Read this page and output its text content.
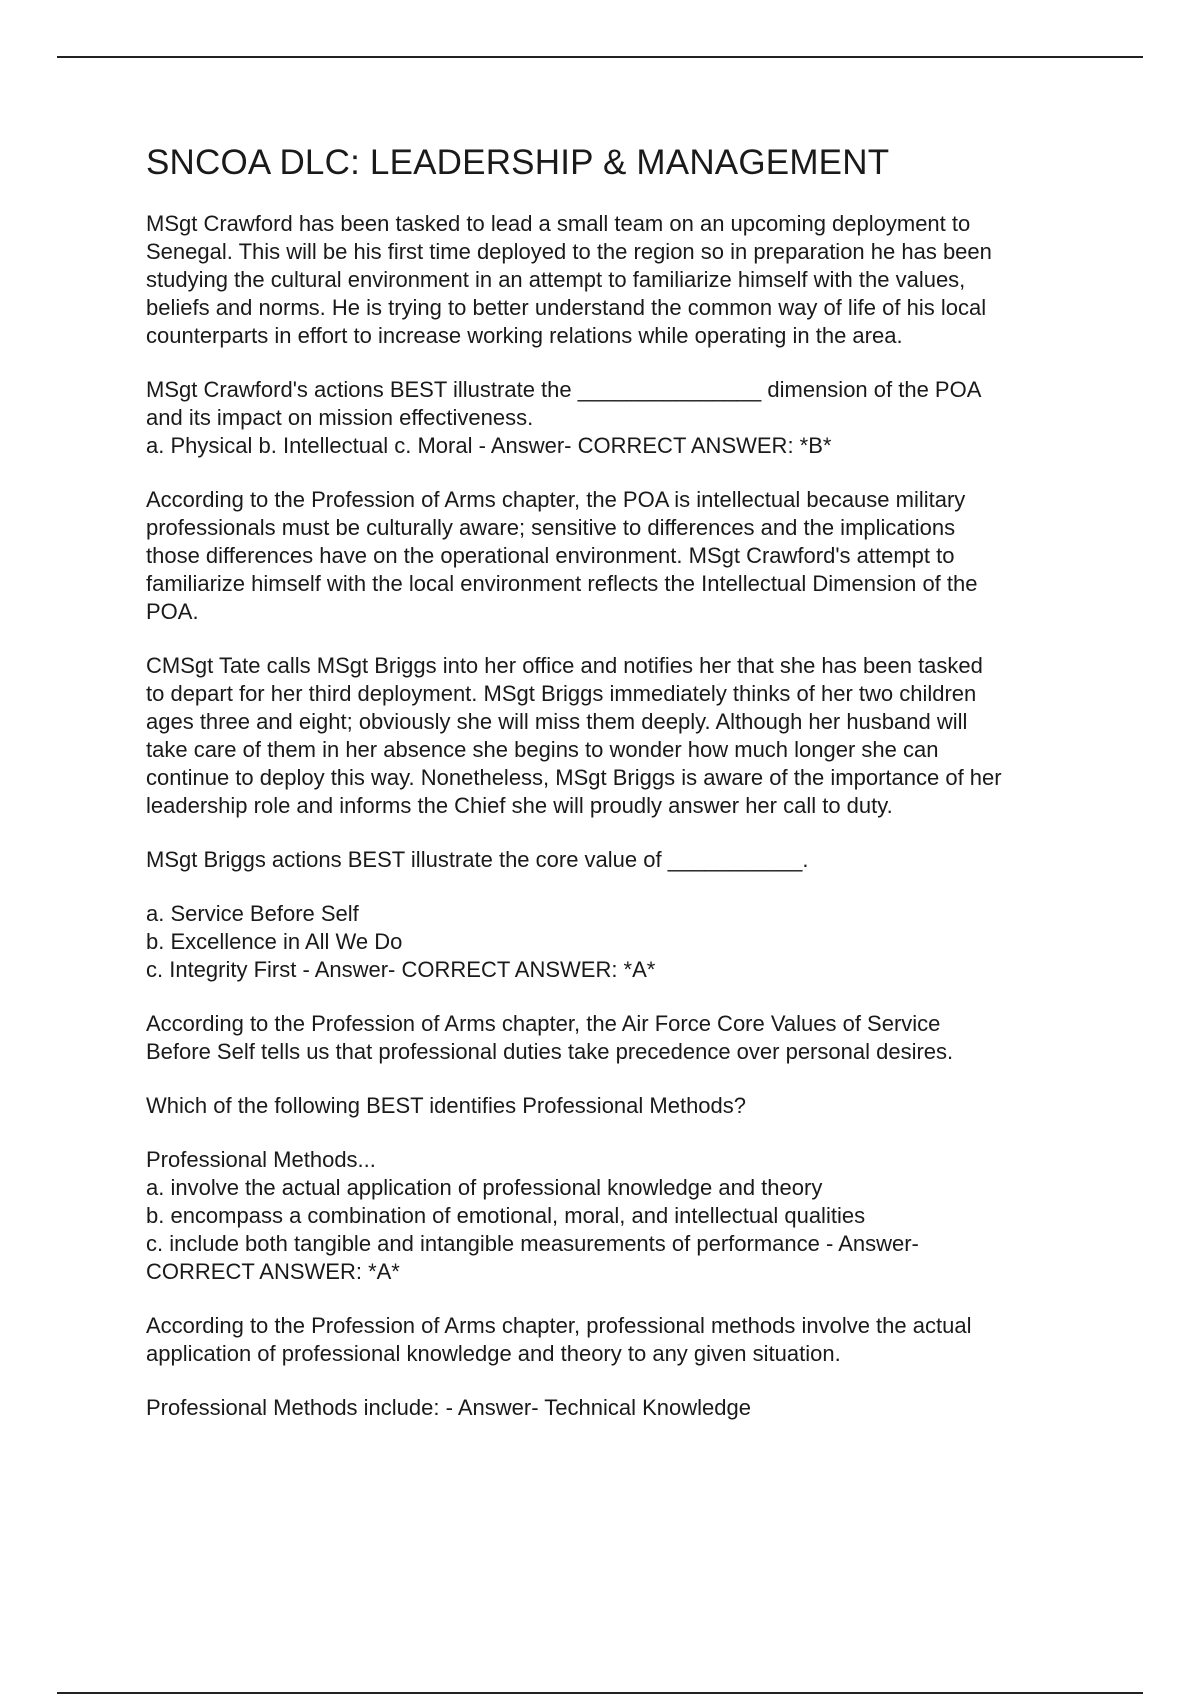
SNCOA DLC: LEADERSHIP & MANAGEMENT
MSgt Crawford has been tasked to lead a small team on an upcoming deployment to
Senegal. This will be his first time deployed to the region so in preparation he has been
studying the cultural environment in an attempt to familiarize himself with the values,
beliefs and norms. He is trying to better understand the common way of life of his local
counterparts in effort to increase working relations while operating in the area.
MSgt Crawford's actions BEST illustrate the _______________ dimension of the POA
and its impact on mission effectiveness.
a. Physical b. Intellectual c. Moral - Answer- CORRECT ANSWER: *B*
According to the Profession of Arms chapter, the POA is intellectual because military
professionals must be culturally aware; sensitive to differences and the implications
those differences have on the operational environment. MSgt Crawford's attempt to
familiarize himself with the local environment reflects the Intellectual Dimension of the
POA.
CMSgt Tate calls MSgt Briggs into her office and notifies her that she has been tasked
to depart for her third deployment. MSgt Briggs immediately thinks of her two children
ages three and eight; obviously she will miss them deeply. Although her husband will
take care of them in her absence she begins to wonder how much longer she can
continue to deploy this way. Nonetheless, MSgt Briggs is aware of the importance of her
leadership role and informs the Chief she will proudly answer her call to duty.
MSgt Briggs actions BEST illustrate the core value of ___________.
a. Service Before Self
b. Excellence in All We Do
c. Integrity First - Answer- CORRECT ANSWER: *A*
According to the Profession of Arms chapter, the Air Force Core Values of Service
Before Self tells us that professional duties take precedence over personal desires.
Which of the following BEST identifies Professional Methods?
Professional Methods...
a. involve the actual application of professional knowledge and theory
b. encompass a combination of emotional, moral, and intellectual qualities
c. include both tangible and intangible measurements of performance - Answer-
CORRECT ANSWER: *A*
According to the Profession of Arms chapter, professional methods involve the actual
application of professional knowledge and theory to any given situation.
Professional Methods include: - Answer- Technical Knowledge
